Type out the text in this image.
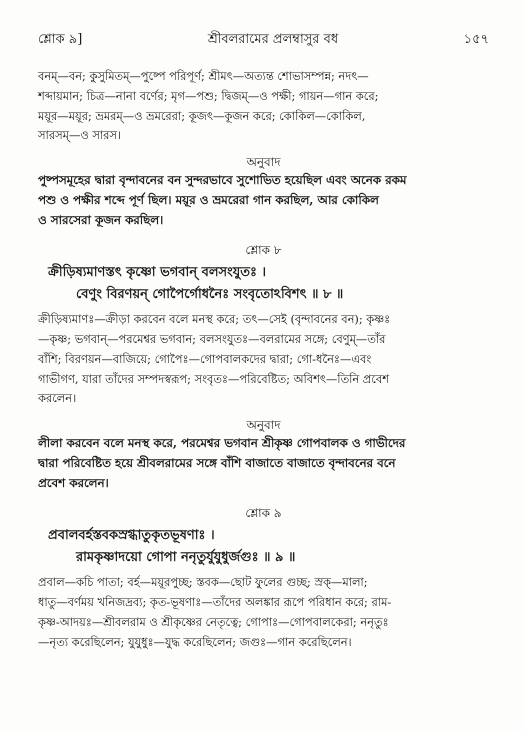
শ্লোক ৯]	শ্রীবলরামের প্রলম্বাসুর বধ	১৫৭

বনম্—বন; কুসুমিতম্—পুষ্পে পরিপূর্ণ; শ্রীমৎ—অত্যন্ত শোভাসম্পন্ন; নদৎ—

শব্দায়মান; চিত্র—নানা বর্ণের; মৃগ—পশু; দ্বিজম্—ও পক্ষী; গায়ন—গান করে;

ময়ূর—ময়ূর; ভ্রমরম্—ও ভ্রমরেরা; কূজৎ—কূজন করে; কোকিল—কোকিল,

সারসম্—ও সারস।

অনুবাদ

পুষ্পসমূহের দ্বারা বৃন্দাবনের বন সুন্দরভাবে সুশোভিত হয়েছিল এবং অনেক রকম

পশু ও পক্ষীর শব্দে পূর্ণ ছিল। ময়ূর ও ভ্রমরেরা গান করছিল, আর কোকিল

ও সারসেরা কূজন করছিল।

শ্লোক ৮

ক্রীড়িষ্যমাণস্তৎ কৃষ্ণো ভগবান্ বলসংযুতঃ ।

বেণুং বিরণয়ন্ গোপৈর্গোধনৈঃ সংবৃতোঽবিশৎ ॥ ৮ ॥

ক্রীড়িষ্যমাণঃ—ক্রীড়া করবেন বলে মনস্থ করে; তৎ—সেই (বৃন্দাবনের বন); কৃষ্ণঃ

—কৃষ্ণ; ভগবান্—পরমেশ্বর ভগবান; বলসংযুতঃ—বলরামের সঙ্গে; বেণুম্—তাঁর

বাঁশি; বিরণয়ন—বাজিয়ে; গোপৈঃ—গোপবালকদের দ্বারা; গো-ধনৈঃ—এবং

গাভীগণ, যারা তাঁদের সম্পদস্বরূপ; সংবৃতঃ—পরিবেষ্টিত; অবিশৎ—তিনি প্রবেশ

করলেন।

অনুবাদ

লীলা করবেন বলে মনস্থ করে, পরমেশ্বর ভগবান শ্রীকৃষ্ণ গোপবালক ও গাভীদের

দ্বারা পরিবেষ্টিত হয়ে শ্রীবলরামের সঙ্গে বাঁশি বাজাতে বাজাতে বৃন্দাবনের বনে

প্রবেশ করলেন।

শ্লোক ৯

প্রবালবর্হস্তবকস্রগ্ধাতুকৃতভূষণাঃ ।

রামকৃষ্ণাদয়ো গোপা ননৃতুর্যুযুধুর্জগুঃ ॥ ৯ ॥

প্রবাল—কচি পাতা; বর্হ—ময়ূরপুচ্ছ; স্তবক—ছোট ফুলের গুচ্ছ; স্রক্—মালা;

ধাতু—বর্ণময় খনিজদ্রব্য; কৃত-ভূষণাঃ—তাঁদের অলঙ্কার রূপে পরিধান করে; রাম-

কৃষ্ণ-আদয়ঃ—শ্রীবলরাম ও শ্রীকৃষ্ণের নেতৃত্বে; গোপাঃ—গোপবালকেরা; ননৃতুঃ

—নৃত্য করেছিলেন; যুযুধুঃ—যুদ্ধ করেছিলেন; জগুঃ—গান করেছিলেন।
